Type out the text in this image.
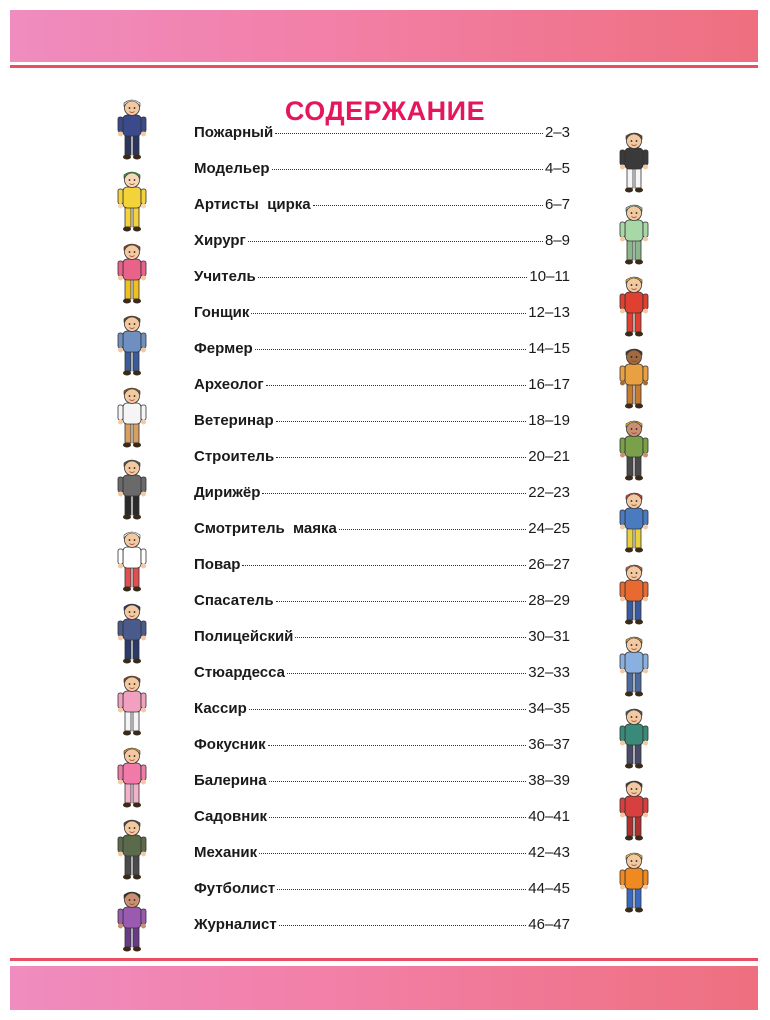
СОДЕРЖАНИЕ
Пожарный	2–3
Модельер	4–5
Артисты  цирка	6–7
Хирург	8–9
Учитель	10–11
Гонщик	12–13
Фермер	14–15
Археолог	16–17
Ветеринар	18–19
Строитель	20–21
Дирижёр	22–23
Смотритель  маяка	24–25
Повар	26–27
Спасатель	28–29
Полицейский	30–31
Стюардесса	32–33
Кассир	34–35
Фокусник	36–37
Балерина	38–39
Садовник	40–41
Механик	42–43
Футболист	44–45
Журналист	46–47
